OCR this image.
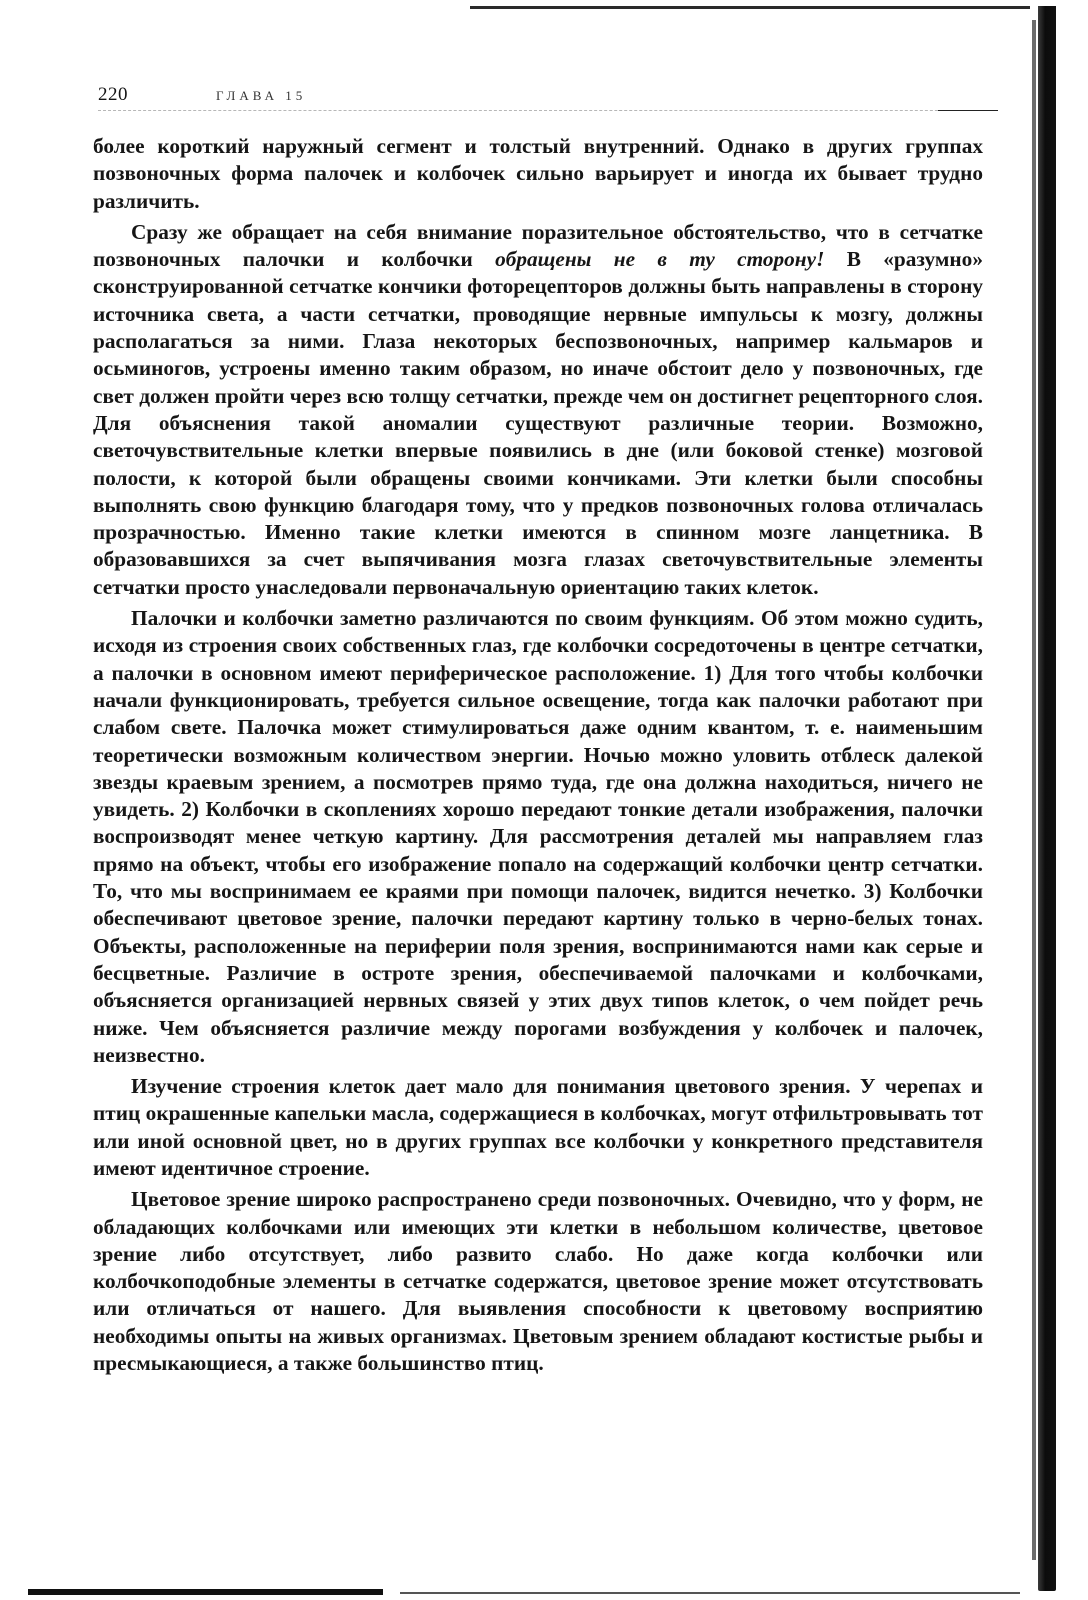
220	ГЛАВА 15

более короткий наружный сегмент и толстый внутренний. Однако в других группах позвоночных форма палочек и колбочек сильно варьирует и иногда их бывает трудно различить.

Сразу же обращает на себя внимание поразительное обстоятельство, что в сетчатке позвоночных палочки и колбочки обращены не в ту сторону! В «разумно» сконструированной сетчатке кончики фоторецепторов должны быть направлены в сторону источника света, а части сетчатки, проводящие нервные импульсы к мозгу, должны располагаться за ними. Глаза некоторых беспозвоночных, например кальмаров и осьминогов, устроены именно таким образом, но иначе обстоит дело у позвоночных, где свет должен пройти через всю толщу сетчатки, прежде чем он достигнет рецепторного слоя. Для объяснения такой аномалии существуют различные теории. Возможно, светочувствительные клетки впервые появились в дне (или боковой стенке) мозговой полости, к которой были обращены своими кончиками. Эти клетки были способны выполнять свою функцию благодаря тому, что у предков позвоночных голова отличалась прозрачностью. Именно такие клетки имеются в спинном мозге ланцетника. В образовавшихся за счет выпячивания мозга глазах светочувствительные элементы сетчатки просто унаследовали первоначальную ориентацию таких клеток.

Палочки и колбочки заметно различаются по своим функциям. Об этом можно судить, исходя из строения своих собственных глаз, где колбочки сосредоточены в центре сетчатки, а палочки в основном имеют периферическое расположение. 1) Для того чтобы колбочки начали функционировать, требуется сильное освещение, тогда как палочки работают при слабом свете. Палочка может стимулироваться даже одним квантом, т. е. наименьшим теоретически возможным количеством энергии. Ночью можно уловить отблеск далекой звезды краевым зрением, а посмотрев прямо туда, где она должна находиться, ничего не увидеть. 2) Колбочки в скоплениях хорошо передают тонкие детали изображения, палочки воспроизводят менее четкую картину. Для рассмотрения деталей мы направляем глаз прямо на объект, чтобы его изображение попало на содержащий колбочки центр сетчатки. То, что мы воспринимаем ее краями при помощи палочек, видится нечетко. 3) Колбочки обеспечивают цветовое зрение, палочки передают картину только в черно-белых тонах. Объекты, расположенные на периферии поля зрения, воспринимаются нами как серые и бесцветные. Различие в остроте зрения, обеспечиваемой палочками и колбочками, объясняется организацией нервных связей у этих двух типов клеток, о чем пойдет речь ниже. Чем объясняется различие между порогами возбуждения у колбочек и палочек, неизвестно.

Изучение строения клеток дает мало для понимания цветового зрения. У черепах и птиц окрашенные капельки масла, содержащиеся в колбочках, могут отфильтровывать тот или иной основной цвет, но в других группах все колбочки у конкретного представителя имеют идентичное строение.

Цветовое зрение широко распространено среди позвоночных. Очевидно, что у форм, не обладающих колбочками или имеющих эти клетки в небольшом количестве, цветовое зрение либо отсутствует, либо развито слабо. Но даже когда колбочки или колбочкоподобные элементы в сетчатке содержатся, цветовое зрение может отсутствовать или отличаться от нашего. Для выявления способности к цветовому восприятию необходимы опыты на живых организмах. Цветовым зрением обладают костистые рыбы и пресмыкающиеся, а также большинство птиц.
